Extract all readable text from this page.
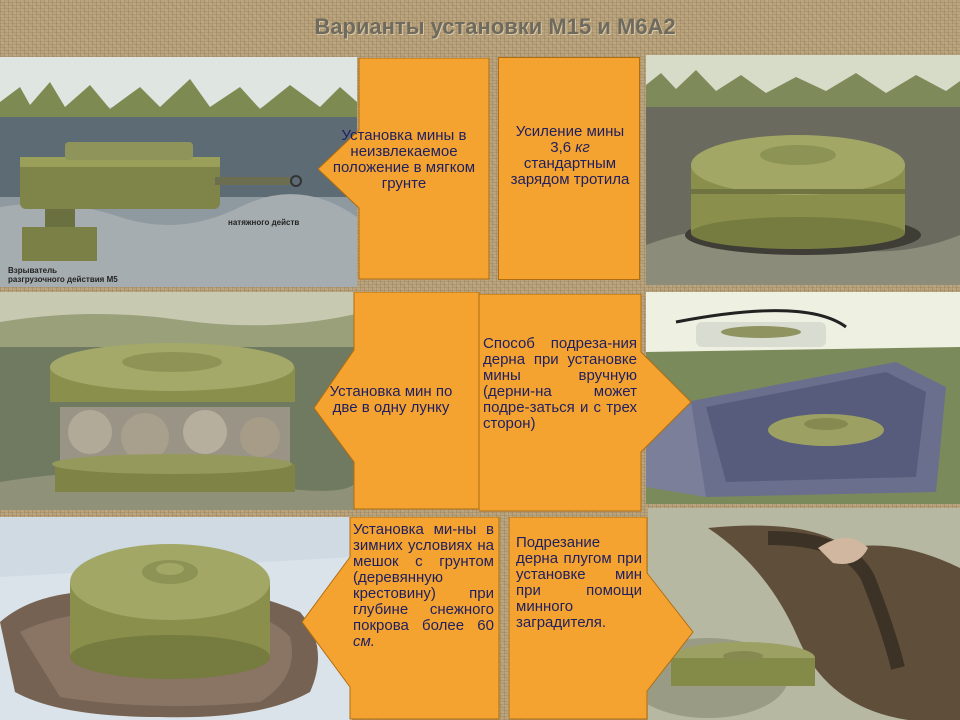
Варианты установки М15 и М6А2
Взрыватель
разгрузочного действия М5
натяжного действ
Установка мины в неизвлекаемое положение в мягком грунте
Усиление мины 3,6 кг стандартным зарядом тротила
Установка мин по две в одну лунку
Способ подреза-ния дерна при установке мины вручную (дерни-на может подре-заться и с трех сторон)
Установка ми-ны в зимних условиях на мешок с грунтом (деревянную крестовину) при глубине снежного покрова более 60 см.
Подрезание дерна плугом при установке мин при помощи минного заградителя.
